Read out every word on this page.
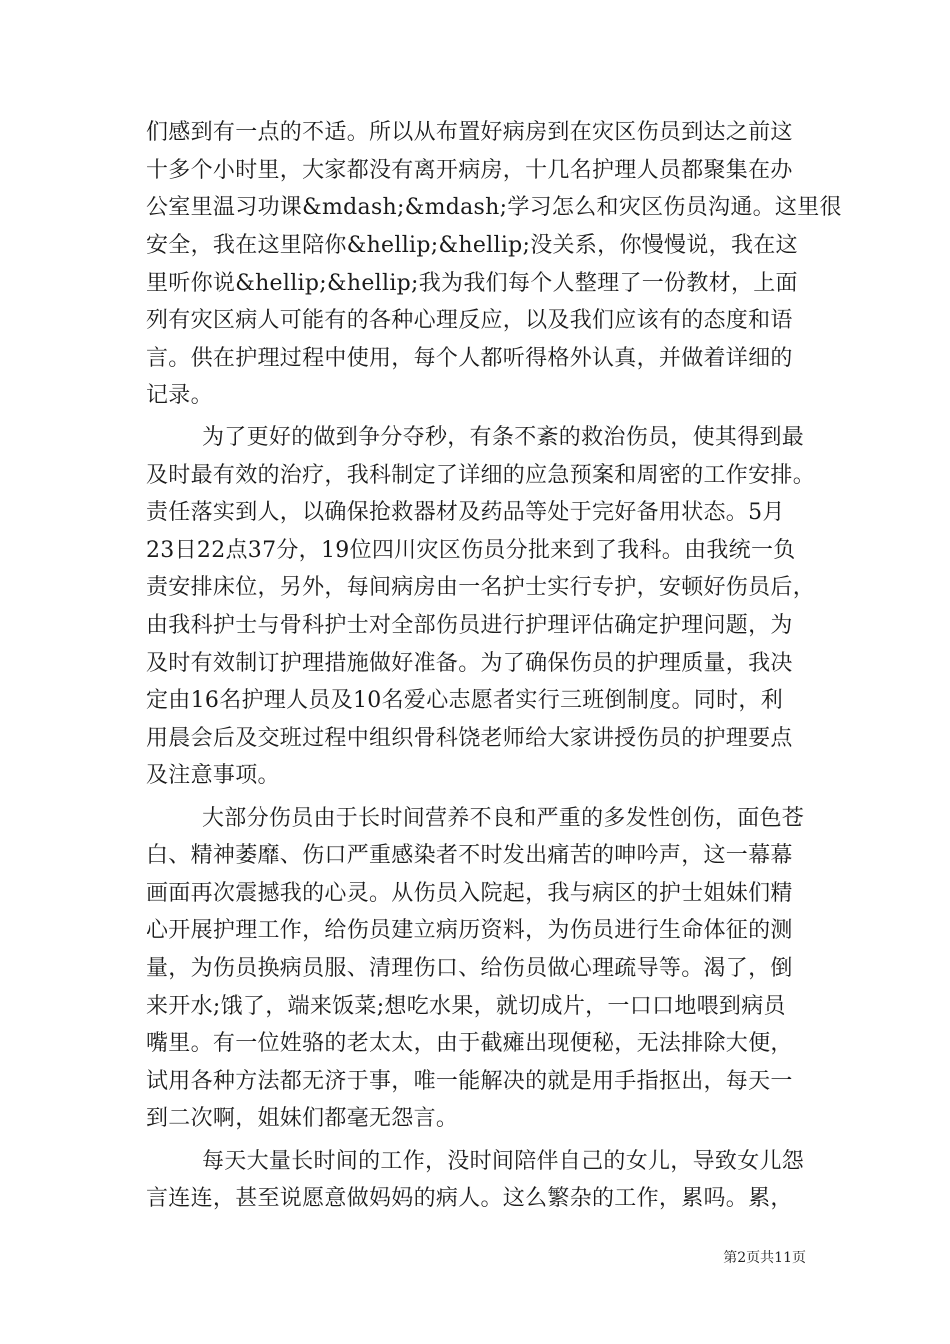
们感到有一点的不适。所以从布置好病房到在灾区伤员到达之前这
十多个小时里，大家都没有离开病房，十几名护理人员都聚集在办
公室里温习功课&mdash;&mdash;学习怎么和灾区伤员沟通。这里很
安全，我在这里陪你&hellip;&hellip;没关系，你慢慢说，我在这
里听你说&hellip;&hellip;我为我们每个人整理了一份教材，上面
列有灾区病人可能有的各种心理反应，以及我们应该有的态度和语
言。供在护理过程中使用，每个人都听得格外认真，并做着详细的
记录。
为了更好的做到争分夺秒，有条不紊的救治伤员，使其得到最
及时最有效的治疗，我科制定了详细的应急预案和周密的工作安排。
责任落实到人，以确保抢救器材及药品等处于完好备用状态。5月
23日22点37分，19位四川灾区伤员分批来到了我科。由我统一负
责安排床位，另外，每间病房由一名护士实行专护，安顿好伤员后，
由我科护士与骨科护士对全部伤员进行护理评估确定护理问题，为
及时有效制订护理措施做好准备。为了确保伤员的护理质量，我决
定由16名护理人员及10名爱心志愿者实行三班倒制度。同时，利
用晨会后及交班过程中组织骨科饶老师给大家讲授伤员的护理要点
及注意事项。
大部分伤员由于长时间营养不良和严重的多发性创伤，面色苍
白、精神萎靡、伤口严重感染者不时发出痛苦的呻吟声，这一幕幕
画面再次震撼我的心灵。从伤员入院起，我与病区的护士姐妹们精
心开展护理工作，给伤员建立病历资料，为伤员进行生命体征的测
量，为伤员换病员服、清理伤口、给伤员做心理疏导等。渴了，倒
来开水;饿了，端来饭菜;想吃水果，就切成片，一口口地喂到病员
嘴里。有一位姓骆的老太太，由于截瘫出现便秘，无法排除大便，
试用各种方法都无济于事，唯一能解决的就是用手指抠出，每天一
到二次啊，姐妹们都毫无怨言。
每天大量长时间的工作，没时间陪伴自己的女儿，导致女儿怨
言连连，甚至说愿意做妈妈的病人。这么繁杂的工作，累吗。累，
第2页共11页
